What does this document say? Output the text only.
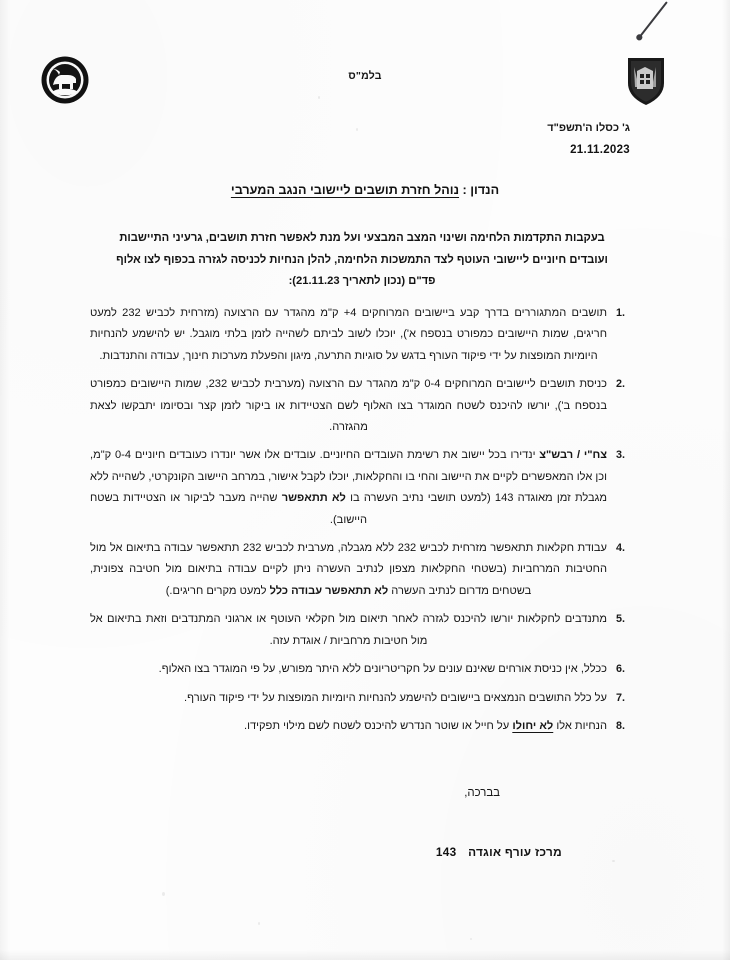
בלמ"ס
ג' כסלו ה'תשפ"ד
21.11.2023
הנדון : נוהל חזרת תושבים ליישובי הנגב המערבי
בעקבות התקדמות הלחימה ושינוי המצב המבצעי ועל מנת לאפשר חזרת תושבים, גרעיני התיישבות ועובדים חיוניים ליישובי העוטף לצד התמשכות הלחימה, להלן הנחיות לכניסה לגזרה בכפוף לצו אלוף פד"ם (נכון לתאריך 21.11.23):
1.
תושבים המתגוררים בדרך קבע ביישובים המרוחקים 4+ ק"מ מהגדר עם הרצועה (מזרחית לכביש 232 למעט חריגים, שמות היישובים כמפורט בנספח א'), יוכלו לשוב לביתם לשהייה לזמן בלתי מוגבל. יש להישמע להנחיות היומיות המופצות על ידי פיקוד העורף בדגש על סוגיות התרעה, מיגון והפעלת מערכות חינוך, עבודה והתנדבות.
2.
כניסת תושבים ליישובים המרוחקים 0-4 ק"מ מהגדר עם הרצועה (מערבית לכביש 232, שמות היישובים כמפורט בנספח ב'), יורשו להיכנס לשטח המוגדר בצו האלוף לשם הצטיידות או ביקור לזמן קצר ובסיומו יתבקשו לצאת מהגזרה.
3.
צח"י / רבש"צ ינדירו בכל יישוב את רשימת העובדים החיוניים. עובדים אלו אשר יונדרו כעובדים חיוניים 0-4 ק"מ, וכן אלו המאפשרים לקיים את היישוב והחי בו והחקלאות, יוכלו לקבל אישור, במרחב היישוב הקונקרטי, לשהייה ללא מגבלת זמן מאוגדה 143 (למעט תושבי נתיב העשרה בו לא תתאפשר שהייה מעבר לביקור או הצטיידות בשטח היישוב).
4.
עבודת חקלאות תתאפשר מזרחית לכביש 232 ללא מגבלה, מערבית לכביש 232 תתאפשר עבודה בתיאום אל מול החטיבות המרחביות (בשטחי החקלאות מצפון לנתיב העשרה ניתן לקיים עבודה בתיאום מול חטיבה צפונית, בשטחים מדרום לנתיב העשרה לא תתאפשר עבודה כלל למעט מקרים חריגים.)
5.
מתנדבים לחקלאות יורשו להיכנס לגזרה לאחר תיאום מול חקלאי העוטף או ארגוני המתנדבים וזאת בתיאום אל מול חטיבות מרחביות / אוגדת עזה.
6.
ככלל, אין כניסת אורחים שאינם עונים על חקריטריונים ללא היתר מפורש, על פי המוגדר בצו האלוף.
7.
על כלל התושבים הנמצאים ביישובים להישמע להנחיות היומיות המופצות על ידי פיקוד העורף.
8.
הנחיות אלו לא יחולו על חייל או שוטר הנדרש להיכנס לשטח לשם מילוי תפקידו.
בברכה,
מרכז עורף אוגדה 143
